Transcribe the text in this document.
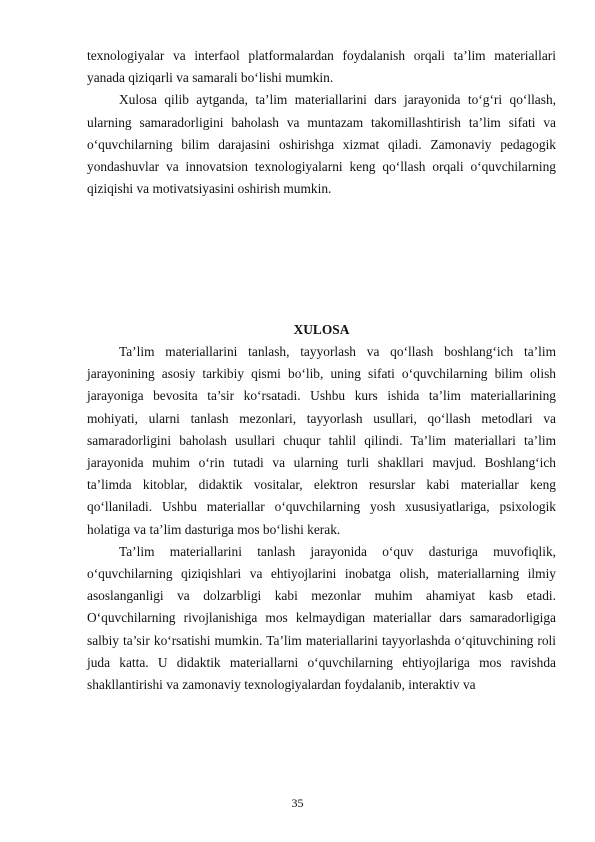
texnologiyalar va interfaol platformalardan foydalanish orqali ta’lim materiallari yanada qiziqarli va samarali bo‘lishi mumkin.

Xulosa qilib aytganda, ta’lim materiallarini dars jarayonida to‘g‘ri qo‘llash, ularning samaradorligini baholash va muntazam takomillashtirish ta’lim sifati va o‘quvchilarning bilim darajasini oshirishga xizmat qiladi. Zamonaviy pedagogik yondashuvlar va innovatsion texnologiyalarni keng qo‘llash orqali o‘quvchilarning qiziqishi va motivatsiyasini oshirish mumkin.

XULOSA

Ta’lim materiallarini tanlash, tayyorlash va qo‘llash boshlang‘ich ta’lim jarayonining asosiy tarkibiy qismi bo‘lib, uning sifati o‘quvchilarning bilim olish jarayoniga bevosita ta’sir ko‘rsatadi. Ushbu kurs ishida ta’lim materiallarining mohiyati, ularni tanlash mezonlari, tayyorlash usullari, qo‘llash metodlari va samaradorligini baholash usullari chuqur tahlil qilindi. Ta’lim materiallari ta’lim jarayonida muhim o‘rin tutadi va ularning turli shakllari mavjud. Boshlang‘ich ta’limda kitoblar, didaktik vositalar, elektron resurslar kabi materiallar keng qo‘llaniladi. Ushbu materiallar o‘quvchilarning yosh xususiyatlariga, psixologik holatiga va ta’lim dasturiga mos bo‘lishi kerak.

Ta’lim materiallarini tanlash jarayonida o‘quv dasturiga muvofiqlik, o‘quvchilarning qiziqishlari va ehtiyojlarini inobatga olish, materiallarning ilmiy asoslanganligi va dolzarbligi kabi mezonlar muhim ahamiyat kasb etadi. O‘quvchilarning rivojlanishiga mos kelmaydigan materiallar dars samaradorligiga salbiy ta’sir ko‘rsatishi mumkin. Ta’lim materiallarini tayyorlashda o‘qituvchining roli juda katta. U didaktik materiallarni o‘quvchilarning ehtiyojlariga mos ravishda shakllantirishi va zamonaviy texnologiyalardan foydalanib, interaktiv va

35
